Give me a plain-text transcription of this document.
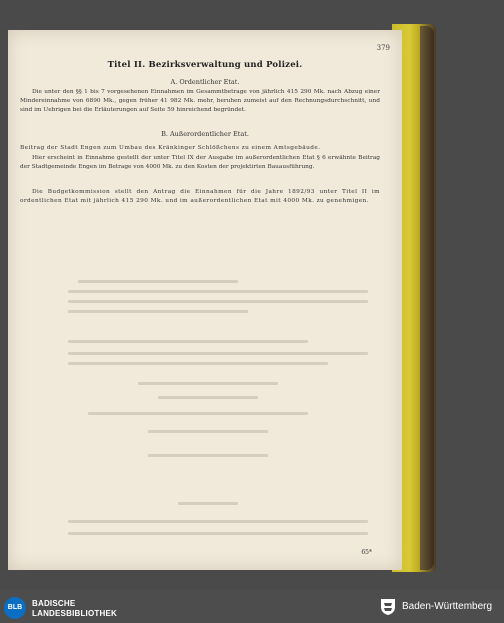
379
Titel II. Bezirksverwaltung und Polizei.
A. Ordentlicher Etat.
Die unter den §§ 1 bis 7 vorgesehenen Einnahmen im Gesammtbetrage von jährlich 415 290 Mk. nach Abzug einer Mindereinnahme von 6890 Mk., gegen früher 41 982 Mk. mehr, beruhen zumeist auf den Rechnungsdurchschnitt, und sind im Uebrigen bei die Erläuterungen auf Seite 59 hinreichend begründet.
B. Außerordentlicher Etat.
Beitrag der Stadt Engen zum Umbau des Kränkinger Schlößchens zu einem Amtsgebäude.
Hier erscheint in Einnahme gestellt der unter Titel IX der Ausgabe im außerordentlichen Etat § 6 erwähnte Beitrag der Stadtgemeinde Engen im Betrage von 4000 Mk. zu den Kosten der projektirten Bauausführung.
Die Budgetkommission stellt den Antrag die Einnahmen für die Jahre 1892/93 unter Titel II im ordentlichen Etat mit jährlich 415 290 Mk. und im außerordentlichen Etat mit 4000 Mk. zu genehmigen.
65*
BLB	BADISCHE
LANDESBIBLIOTHEK
Baden-Württemberg
